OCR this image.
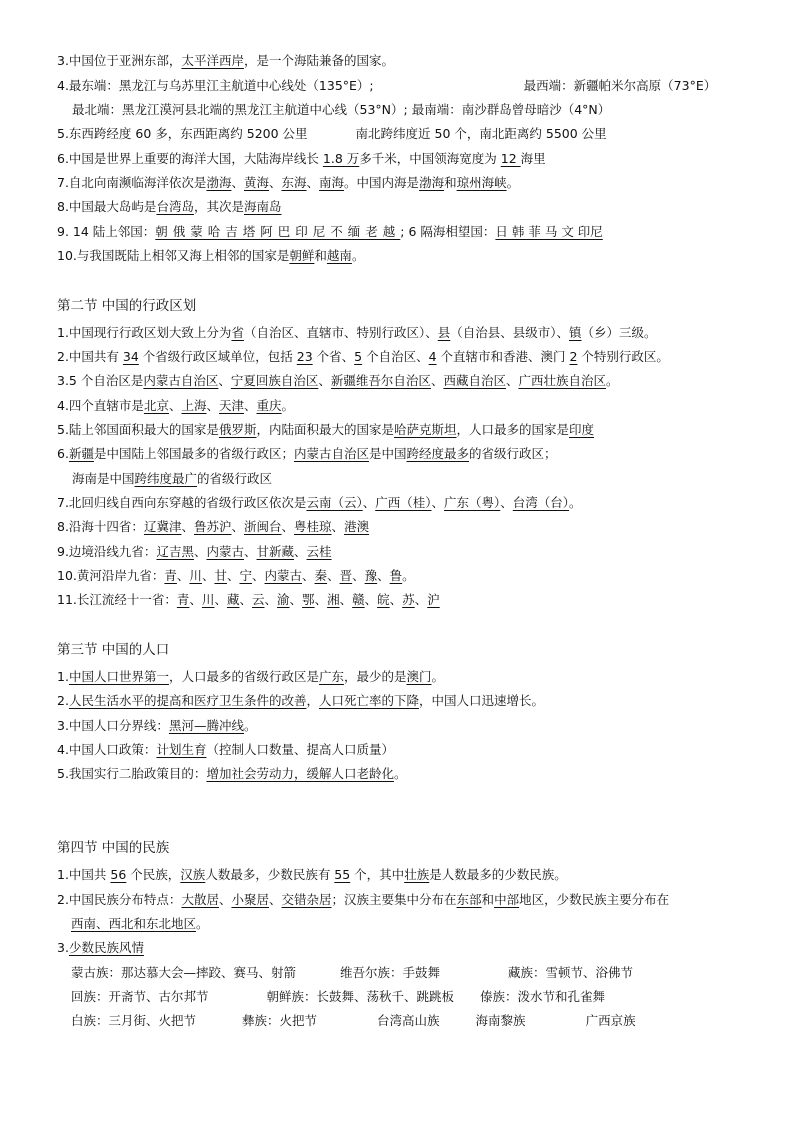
3.中国位于亚洲东部，太平洋西岸，是一个海陆兼备的国家。
4.最东端：黑龙江与乌苏里江主航道中心线处（135°E）;	最西端：新疆帕米尔高原（73°E）
最北端：黑龙江漠河县北端的黑龙江主航道中心线（53°N）; 最南端：南沙群岛曾母暗沙（4°N）
5.东西跨经度 60 多，东西距离约 5200 公里	南北跨纬度近 50 个，南北距离约 5500 公里
6.中国是世界上重要的海洋大国，大陆海岸线长 1.8 万多千米，中国领海宽度为 12 海里
7.自北向南濒临海洋依次是渤海、黄海、东海、南海。中国内海是渤海和琼州海峡。
8.中国最大岛屿是台湾岛，其次是海南岛
9. 14 陆上邻国：朝俄蒙哈吉塔阿巴印尼不缅老越; 6 隔海相望国：日 韩 菲 马 文 印尼
10.与我国既陆上相邻又海上相邻的国家是朝鲜和越南。
第二节 中国的行政区划
1.中国现行行政区划大致上分为省（自治区、直辖市、特别行政区）、县（自治县、县级市）、镇（乡）三级。
2.中国共有 34 个省级行政区域单位，包括 23 个省、5 个自治区、4 个直辖市和香港、澳门 2 个特别行政区。
3.5 个自治区是内蒙古自治区、宁夏回族自治区、新疆维吾尔自治区、西藏自治区、广西壮族自治区。
4.四个直辖市是北京、上海、天津、重庆。
5.陆上邻国面积最大的国家是俄罗斯，内陆面积最大的国家是哈萨克斯坦，人口最多的国家是印度
6.新疆是中国陆上邻国最多的省级行政区；内蒙古自治区是中国跨经度最多的省级行政区；
海南是中国跨纬度最广的省级行政区
7.北回归线自西向东穿越的省级行政区依次是云南（云）、广西（桂）、广东（粤）、台湾（台）。
8.沿海十四省：辽冀津、鲁苏沪、浙闽台、粤桂琼、港澳
9.边境沿线九省：辽吉黑、内蒙古、甘新藏、云桂
10.黄河沿岸九省：青、川、甘、宁、内蒙古、秦、晋、豫、鲁。
11.长江流经十一省：青、川、藏、云、渝、鄂、湘、赣、皖、苏、沪
第三节 中国的人口
1.中国人口世界第一，人口最多的省级行政区是广东，最少的是澳门。
2.人民生活水平的提高和医疗卫生条件的改善，人口死亡率的下降，中国人口迅速增长。
3.中国人口分界线：黑河—腾冲线。
4.中国人口政策：计划生育（控制人口数量、提高人口质量）
5.我国实行二胎政策目的：增加社会劳动力，缓解人口老龄化。
第四节 中国的民族
1.中国共 56 个民族，汉族人数最多，少数民族有 55 个，其中壮族是人数最多的少数民族。
2.中国民族分布特点：大散居、小聚居、交错杂居；汉族主要集中分布在东部和中部地区，少数民族主要分布在
西南、西北和东北地区。
3.少数民族风情
蒙古族：那达慕大会—摔跤、赛马、射箭	维吾尔族：手鼓舞	藏族：雪顿节、浴佛节
回族：开斋节、古尔邦节	朝鲜族：长鼓舞、荡秋千、跳跳板 傣族：泼水节和孔雀舞
白族：三月街、火把节	彝族：火把节	台湾高山族	海南黎族	广西京族
